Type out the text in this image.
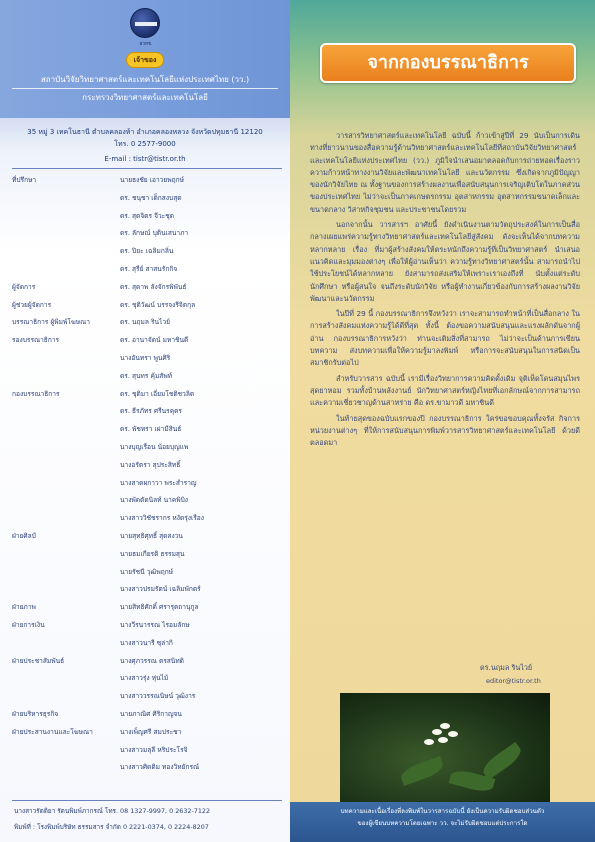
สวทช.
เจ้าของ
สถาบันวิจัยวิทยาศาสตร์และเทคโนโลยีแห่งประเทศไทย (วว.)
กระทรวงวิทยาศาสตร์และเทคโนโลยี
35 หมู่ 3 เทคโนธานี ตำบลคลองห้า อำเภอคลองหลวง จังหวัดปทุมธานี 12120
โทร. 0 2577-9000
E-mail : tistr@tistr.or.th
ที่ปรึกษา	นายธงชัย เอาวยพฤกษ์
ดร. ชนุชา เด็กสงบสุด
ดร. สุดจิตร จีวะชุด
ดร. ลักษณ์ บุตินเสนาภา
ดร. ปิยะ เฉลิมกลิ่น
ดร. สุรีย์ สาสนรักกิจ
ผู้จัดการ	ดร. สุดาพ ลังจักรพิพันธ์
ผู้ช่วยผู้จัดการ	ดร. ชุติวัฒน์ บรรจงรีจิตกุล
บรรณาธิการ ผู้พิมพ์โฆษณา	ดร. นฤมล รินไวย์
รองบรรณาธิการ	ดร. อานาจัดน์ มหาชินดี
นางอันทรา พูนศิริ
ดร. สุนทร คุ้มสัพท์
กองบรรณาธิการ	ดร. ชุติมา เอี่ยมโชติชวลิต
ดร. ธีรภัทร ศรีนรคุตร
ดร. พัชทรา เผ่ามีสินธ์
นางบุญเรือน น้อยบุญแพ
นางอรัตรา สุประสิทธิ์
นางสาดผกาวา พระสำราญ
นางพัดตัดนิลท์ นาคพิบิง
นางสาววิชัชรากร หงัดรุ่งเรือง
ฝ่ายศิลป์	นายสุทธิศุทธิ์ สุดสงวน
นายธมเกียรติ ธรรมสุน
นายรัชนี วุฒิพฤกษ์
นางสาวปรมรัตน์ เฉลิมพักตร์
ฝ่ายภาพ	นายสิทธิศักดิ์ ศรารุตถานุกูล
ฝ่ายการเงิน	นางวีรนารรณ ไรอมลักษ
นางสาวนารี ซุล่ากิ
ฝ่ายประชาสัมพันธ์	นางศุภวรรณ ตรสนิทดิ
นางสาวรุ่ง หุ่นไม้
นางสาววรรณนิษน์ วุฒิงาร
ฝ่ายบริหารธุรกิจ	นายภาณิศ ศิริกาญจน
ฝ่ายประสานงานและโฆษณา	นางเพ็ญศรี สมประชา
นางสาวมลุลี หริประโรจิ
นางสาวศิดติม ทองวิหยักรณ์
นางสาวรัตติยา รัตนพิมพ์ภากรณ์ โทร. 08 1327-9997, 0 2632-7122
พิมพ์ที่ : โรงพิมพ์บริษัท ธรรมสาร จำกัด 0 2221-0374, 0 2224-8207
จากกองบรรณาธิการ

วารสารวิทยาศาสตร์และเทคโนโลยี ฉบับนี้ ก้าวเข้าสู่ปีที่ 29 นับเป็นการเดินทางที่ยาวนานของสื่อความรู้ด้านวิทยาศาสตร์และเทคโนโลยีที่สถาบันวิจัยวิทยาศาสตร์และเทคโนโลยีแห่งประเทศไทย (วว.) ภูมิใจนำเสนอมาตลอดกับการถ่ายทอดเรื่องราวความก้าวหน้าทางงานวิจัยและพัฒนาเทคโนโลยี และนวัตกรรม ซึ่งเกิดจากภูมิปัญญาของนักวิจัยไทย ณ ทั้งฐานของการสร้างผลงานเพื่อสนับสนุนการเจริญเติบโตในภาคส่วนของประเทศไทย ไม่ว่าจะเป็นภาคเกษตรกรรม อุตสาหกรรม อุตสาหกรรมขนาดเล็กและขนาดกลาง วิสาหกิจชุมชน และประชาชนโดยรวม

นอกจากนั้น วารสารฯ อาศัยนี้ ยังดำเนินงานตามวัตถุประสงค์ในการเป็นสื่อกลางเผยแพร่ความรู้ทางวิทยาศาสตร์และเทคโนโลยีสู่สังคม ดังจะเห็นได้จากบทความหลากหลาย เรื่อง ที่มาผู้สร้างสังคมให้ตระหนักถึงความรู้ที่เป็นวิทยาศาสตร์ นำเสนอแนวคิดและมุมมองต่างๆ เพื่อให้ผู้อ่านเห็นว่า ความรู้ทางวิทยาศาสตร์นั้น สามารถนำไปใช้ประโยชน์ได้หลากหลาย ยังสามารถส่งเสริมให้เพราะเราเองถึงที่ นับตั้งแต่ระดับนักศึกษา หรือผู้สนใจ จนถึงระดับนักวิจัย หรือผู้ทำงานเกี่ยวข้องกับการสร้างผลงานวิจัยพัฒนาและนวัตกรรม

ในปีที่ 29 นี้ กองบรรณาธิการจึงหวังว่า เราจะสามารถทำหน้าที่เป็นสื่อกลาง ในการสร้างสังคมแห่งความรู้ได้ดีที่สุด ทั้งนี้ ต้องขอความสนับสนุนและแรงผลักดันจากผู้อ่าน กองบรรณาธิการหวังว่า ท่านจะเติมสิ่งที่สามารถ ไม่ว่าจะเป็นด้านการเขียนบทความ ส่งบทความเพื่อให้ความรู้มาลงพิมพ์ หรือการจะสนับสนุนในการสนิดเป็นสมาชิกรับต่อไป

สำหรับวารสาร ฉบับนี้ เรามีเรื่องวิทยาการความคิดดั้งเดิม จุติเห็ดโดนสมุนไพรสุดยาหอม รวมทั้งบ้านพลังงานย์ นักวิทยาศาสตร์หญิงไทยที่เอกลักษณ์จากการสามารถ และความเชี่ยวชาญด้านสาหร่าย คือ ดร.ขามาวดี มหาชินดี

ในท้ายสุดของฉบับแรกของปี กองบรรณาธิการ ใคร่ขอขอบคุณทั้งจรัส กิจการ หน่วยงานต่างๆ ที่ให้การสนับสนุนการพิมพ์วารสารวิทยาศาสตร์และเทคโนโลยี ด้วยดีตลอดมา

ดร.นฤมล รินไวย์
editor@tistr.or.th
บทความและเนื้อเรื่องที่ลงพิมพ์ในวารสารฉบับนี้ ยังเป็นความรับผิดชอบส่วนตัว
ของผู้เขียนบทความโดยเฉพาะ วว. จะไม่รับผิดชอบแต่ประการใด
